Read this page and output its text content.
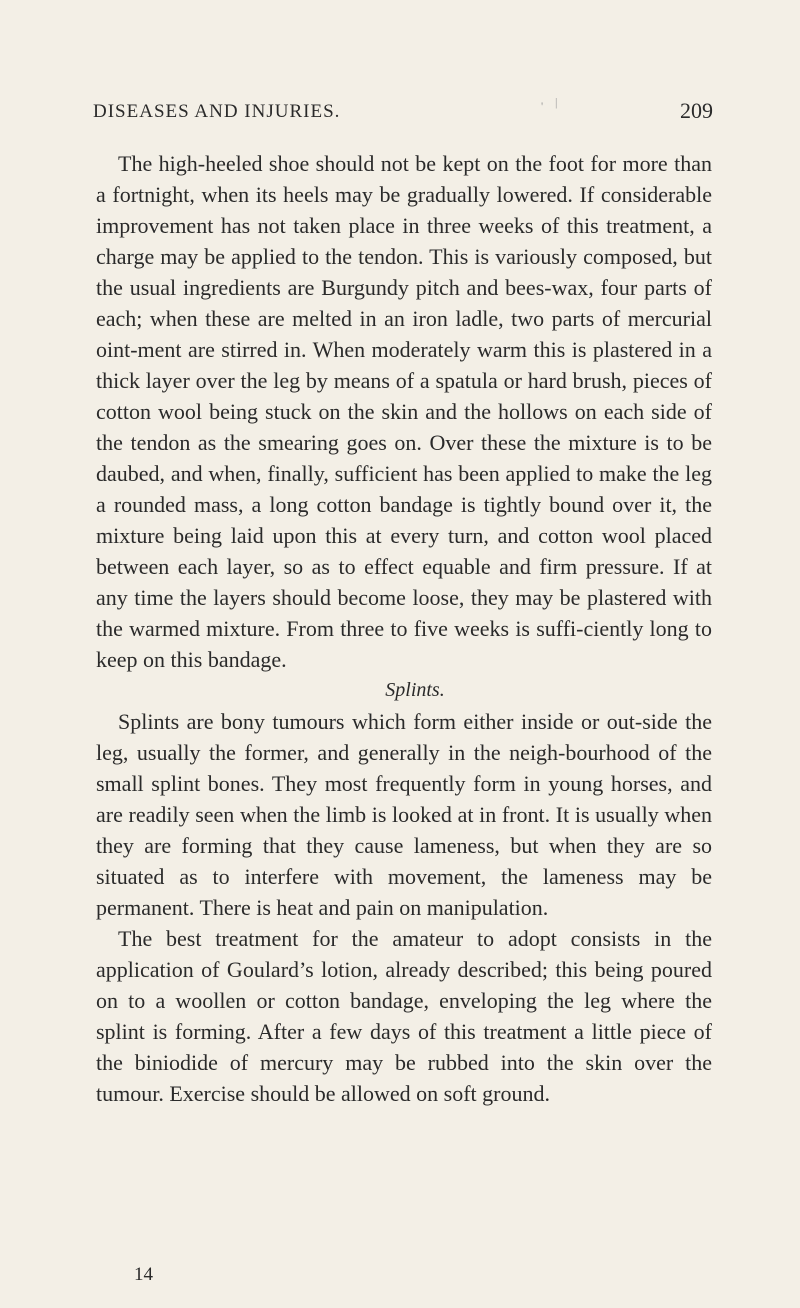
DISEASES AND INJURIES.	' |	209

The high-heeled shoe should not be kept on the foot for more than a fortnight, when its heels may be gradually lowered. If considerable improvement has not taken place in three weeks of this treatment, a charge may be applied to the tendon. This is variously composed, but the usual ingredients are Burgundy pitch and bees-wax, four parts of each; when these are melted in an iron ladle, two parts of mercurial oint-ment are stirred in. When moderately warm this is plastered in a thick layer over the leg by means of a spatula or hard brush, pieces of cotton wool being stuck on the skin and the hollows on each side of the tendon as the smearing goes on. Over these the mixture is to be daubed, and when, finally, sufficient has been applied to make the leg a rounded mass, a long cotton bandage is tightly bound over it, the mixture being laid upon this at every turn, and cotton wool placed between each layer, so as to effect equable and firm pressure. If at any time the layers should become loose, they may be plastered with the warmed mixture. From three to five weeks is suffi-ciently long to keep on this bandage.

Splints.

Splints are bony tumours which form either inside or out-side the leg, usually the former, and generally in the neigh-bourhood of the small splint bones. They most frequently form in young horses, and are readily seen when the limb is looked at in front. It is usually when they are forming that they cause lameness, but when they are so situated as to interfere with movement, the lameness may be permanent. There is heat and pain on manipulation.

The best treatment for the amateur to adopt consists in the application of Goulard’s lotion, already described; this being poured on to a woollen or cotton bandage, enveloping the leg where the splint is forming. After a few days of this treatment a little piece of the biniodide of mercury may be rubbed into the skin over the tumour. Exercise should be allowed on soft ground.

14
